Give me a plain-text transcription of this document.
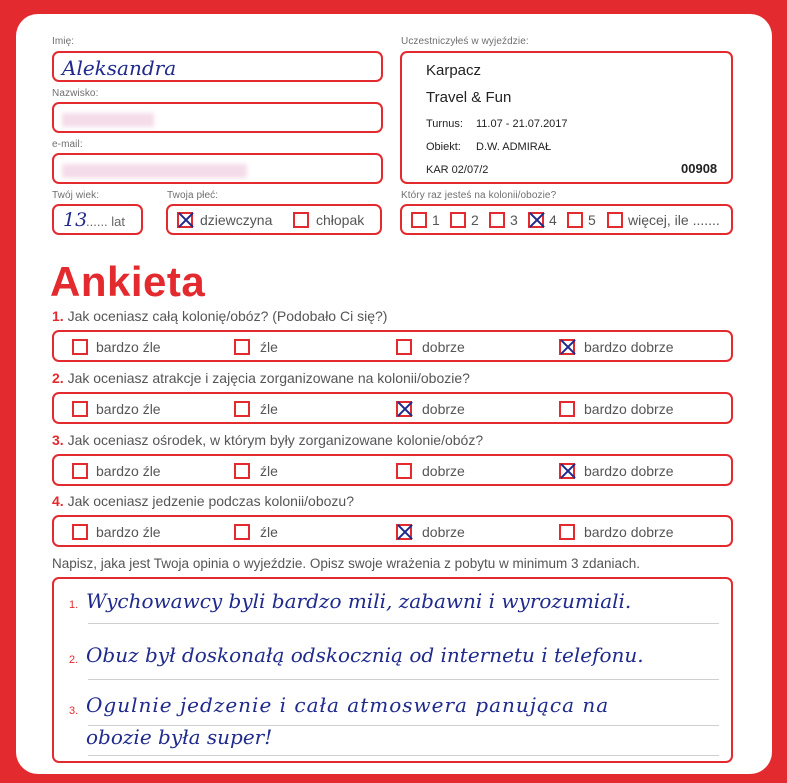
Imię:
Aleksandra
Nazwisko:
e-mail:
Twój wiek:
13
...... lat
Twoja płeć:
dziewczyna	chłopak
Uczestniczyłeś w wyjeździe:
Karpacz
Travel & Fun
Turnus: 11.07 - 21.07.2017
Obiekt: D.W. ADMIRAŁ
KAR 02/07/2	00908
Który raz jesteś na kolonii/obozie?
1 2 3 4 5 więcej, ile .......
Ankieta
1. Jak oceniasz całą kolonię/obóz? (Podobało Ci się?)
bardzo źle	źle	dobrze	bardzo dobrze
2. Jak oceniasz atrakcje i zajęcia zorganizowane na kolonii/obozie?
bardzo źle	źle	dobrze	bardzo dobrze
3. Jak oceniasz ośrodek, w którym były zorganizowane kolonie/obóz?
bardzo źle	źle	dobrze	bardzo dobrze
4. Jak oceniasz jedzenie podczas kolonii/obozu?
bardzo źle	źle	dobrze	bardzo dobrze
Napisz, jaka jest Twoja opinia o wyjeździe. Opisz swoje wrażenia z pobytu w minimum 3 zdaniach.
1. Wychowawcy byli bardzo mili, zabawni i wyrozumiali.
2. Obuz był doskonałą odskocznią od internetu i telefonu.
3. Ogulnie jedzenie i cała atmoswera panująca na
obozie była super!
